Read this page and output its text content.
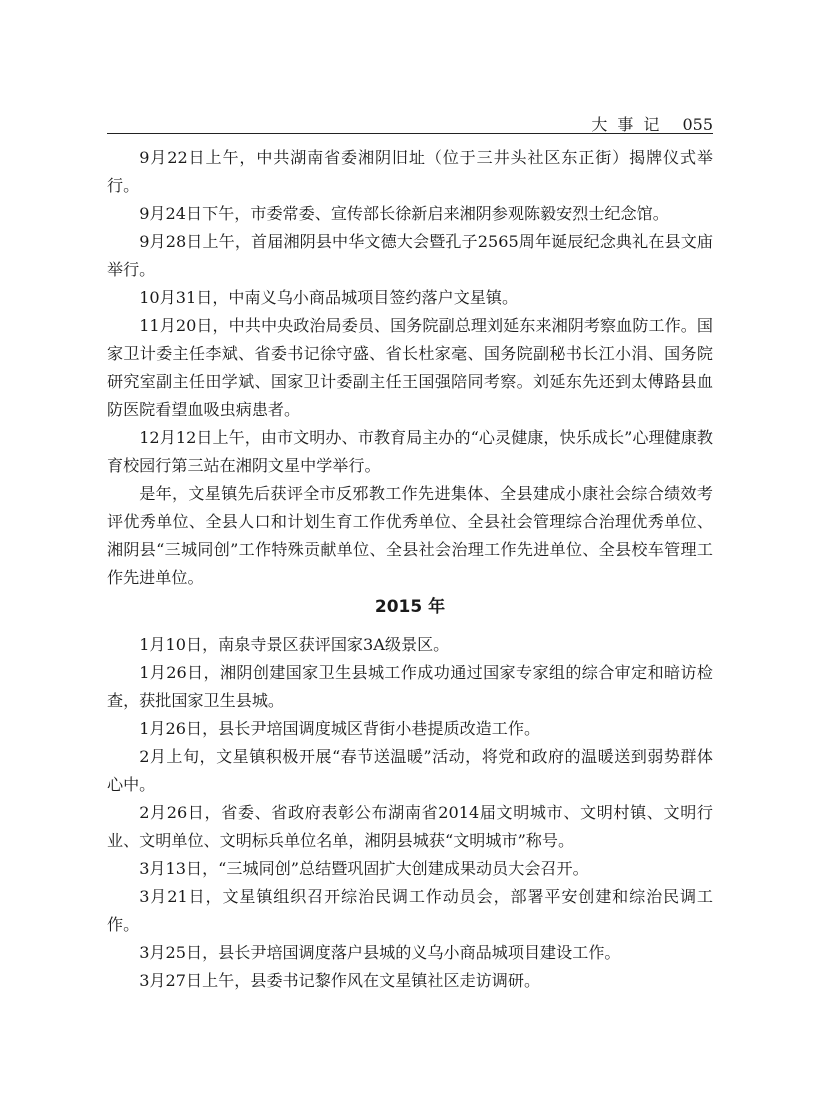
大事记 055

9月22日上午，中共湖南省委湘阴旧址（位于三井头社区东正街）揭牌仪式举行。

9月24日下午，市委常委、宣传部长徐新启来湘阴参观陈毅安烈士纪念馆。

9月28日上午，首届湘阴县中华文德大会暨孔子2565周年诞辰纪念典礼在县文庙举行。

10月31日，中南义乌小商品城项目签约落户文星镇。

11月20日，中共中央政治局委员、国务院副总理刘延东来湘阴考察血防工作。国家卫计委主任李斌、省委书记徐守盛、省长杜家毫、国务院副秘书长江小涓、国务院研究室副主任田学斌、国家卫计委副主任王国强陪同考察。刘延东先还到太傅路县血防医院看望血吸虫病患者。

12月12日上午，由市文明办、市教育局主办的“心灵健康，快乐成长”心理健康教育校园行第三站在湘阴文星中学举行。

是年，文星镇先后获评全市反邪教工作先进集体、全县建成小康社会综合绩效考评优秀单位、全县人口和计划生育工作优秀单位、全县社会管理综合治理优秀单位、湘阴县“三城同创”工作特殊贡献单位、全县社会治理工作先进单位、全县校车管理工作先进单位。

2015 年

1月10日，南泉寺景区获评国家3A级景区。

1月26日，湘阴创建国家卫生县城工作成功通过国家专家组的综合审定和暗访检查，获批国家卫生县城。

1月26日，县长尹培国调度城区背街小巷提质改造工作。

2月上旬，文星镇积极开展“春节送温暖”活动，将党和政府的温暖送到弱势群体心中。

2月26日，省委、省政府表彰公布湖南省2014届文明城市、文明村镇、文明行业、文明单位、文明标兵单位名单，湘阴县城获“文明城市”称号。

3月13日，“三城同创”总结暨巩固扩大创建成果动员大会召开。

3月21日，文星镇组织召开综治民调工作动员会，部署平安创建和综治民调工作。

3月25日，县长尹培国调度落户县城的义乌小商品城项目建设工作。

3月27日上午，县委书记黎作风在文星镇社区走访调研。
